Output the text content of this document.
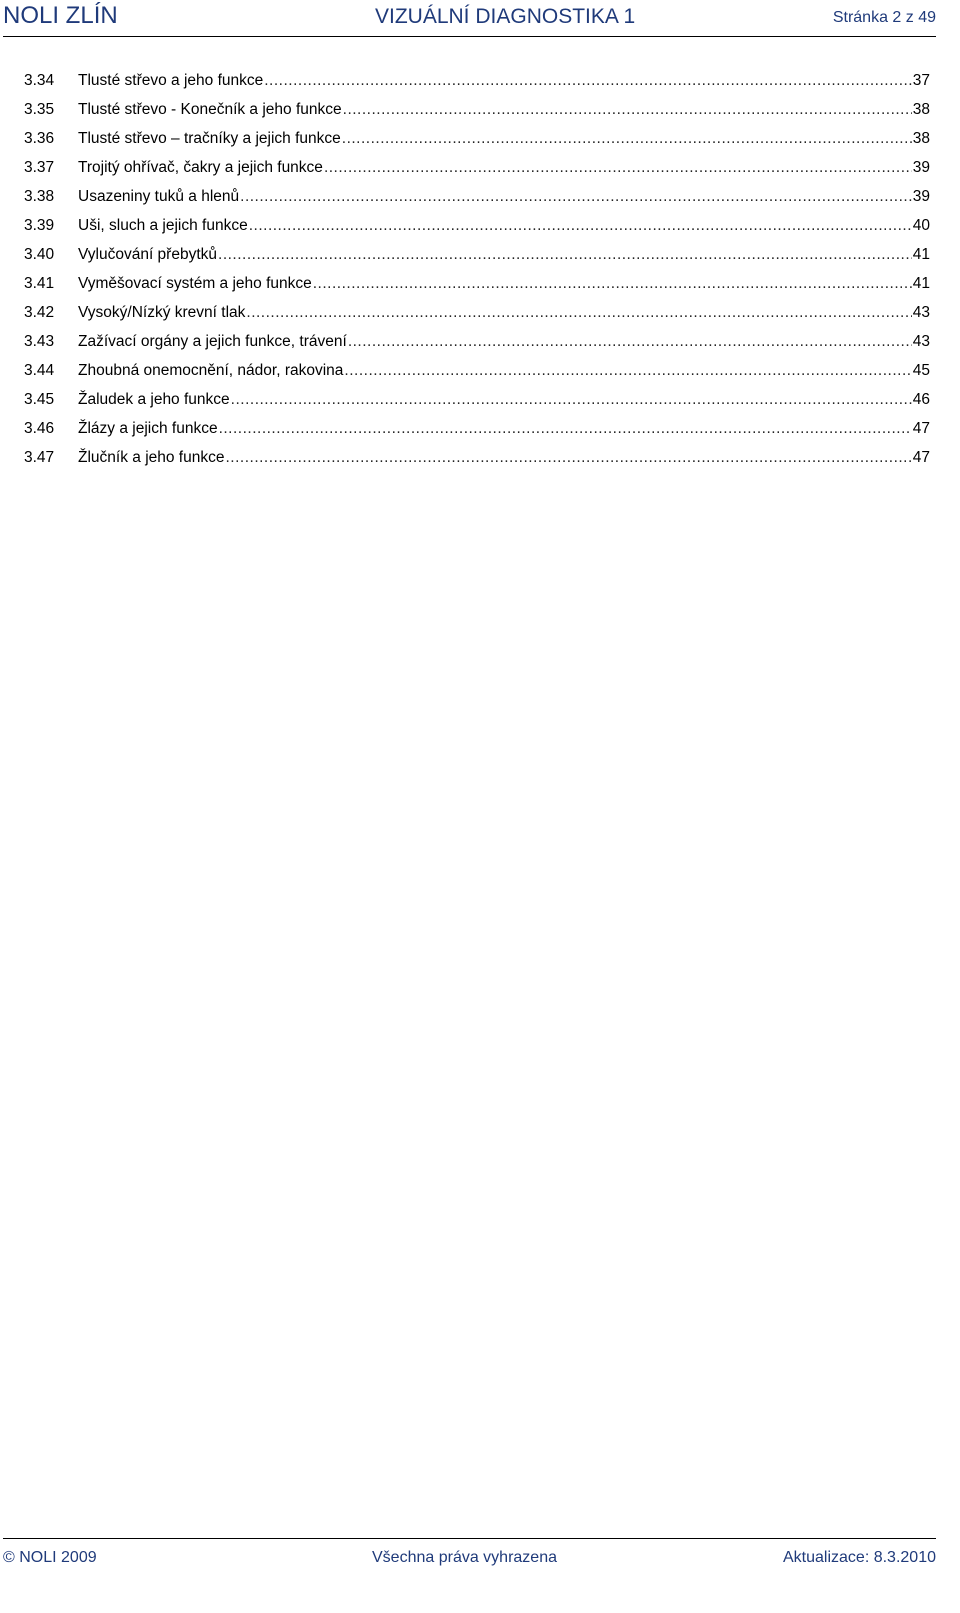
NOLI ZLÍN	VIZUÁLNÍ DIAGNOSTIKA 1	Stránka 2 z 49
3.34	Tlusté střevo a jeho funkce .....	37
3.35	Tlusté střevo - Konečník a jeho funkce .....	38
3.36	Tlusté střevo – tračníky a jejich funkce .....	38
3.37	Trojitý ohřívač, čakry a jejich funkce .....	39
3.38	Usazeniny tuků a hlenů .....	39
3.39	Uši, sluch a jejich funkce .....	40
3.40	Vylučování přebytků .....	41
3.41	Vyměšovací systém a jeho funkce .....	41
3.42	Vysoký/Nízký krevní tlak .....	43
3.43	Zažívací orgány a jejich funkce, trávení .....	43
3.44	Zhoubná onemocnění, nádor, rakovina .....	45
3.45	Žaludek a jeho funkce .....	46
3.46	Žlázy a jejich funkce .....	47
3.47	Žlučník a jeho funkce .....	47
© NOLI 2009	Všechna práva vyhrazena	Aktualizace: 8.3.2010
